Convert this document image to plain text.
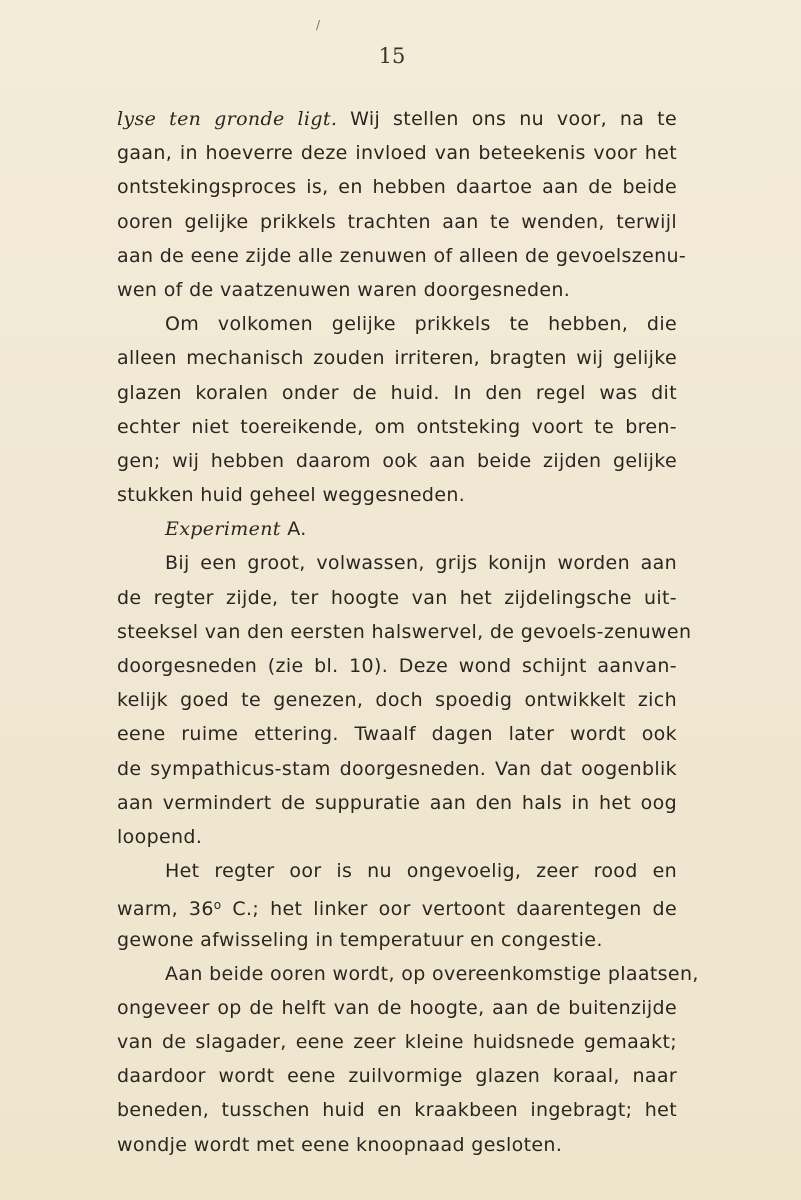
/
15
lyse ten gronde ligt. Wij stellen ons nu voor, na te
gaan, in hoeverre deze invloed van beteekenis voor het
ontstekingsproces is, en hebben daartoe aan de beide
ooren gelijke prikkels trachten aan te wenden, terwijl
aan de eene zijde alle zenuwen of alleen de gevoelszenu-
wen of de vaatzenuwen waren doorgesneden.
Om volkomen gelijke prikkels te hebben, die
alleen mechanisch zouden irriteren, bragten wij gelijke
glazen koralen onder de huid. In den regel was dit
echter niet toereikende, om ontsteking voort te bren-
gen; wij hebben daarom ook aan beide zijden gelijke
stukken huid geheel weggesneden.
Experiment A.
Bij een groot, volwassen, grijs konijn worden aan
de regter zijde, ter hoogte van het zijdelingsche uit-
steeksel van den eersten halswervel, de gevoels-zenuwen
doorgesneden (zie bl. 10). Deze wond schijnt aanvan-
kelijk goed te genezen, doch spoedig ontwikkelt zich
eene ruime ettering. Twaalf dagen later wordt ook
de sympathicus-stam doorgesneden. Van dat oogenblik
aan vermindert de suppuratie aan den hals in het oog
loopend.
Het regter oor is nu ongevoelig, zeer rood en
warm, 36$^o$ C.; het linker oor vertoont daarentegen de
gewone afwisseling in temperatuur en congestie.
Aan beide ooren wordt, op overeenkomstige plaatsen,
ongeveer op de helft van de hoogte, aan de buitenzijde
van de slagader, eene zeer kleine huidsnede gemaakt;
daardoor wordt eene zuilvormige glazen koraal, naar
beneden, tusschen huid en kraakbeen ingebragt; het
wondje wordt met eene knoopnaad gesloten.
